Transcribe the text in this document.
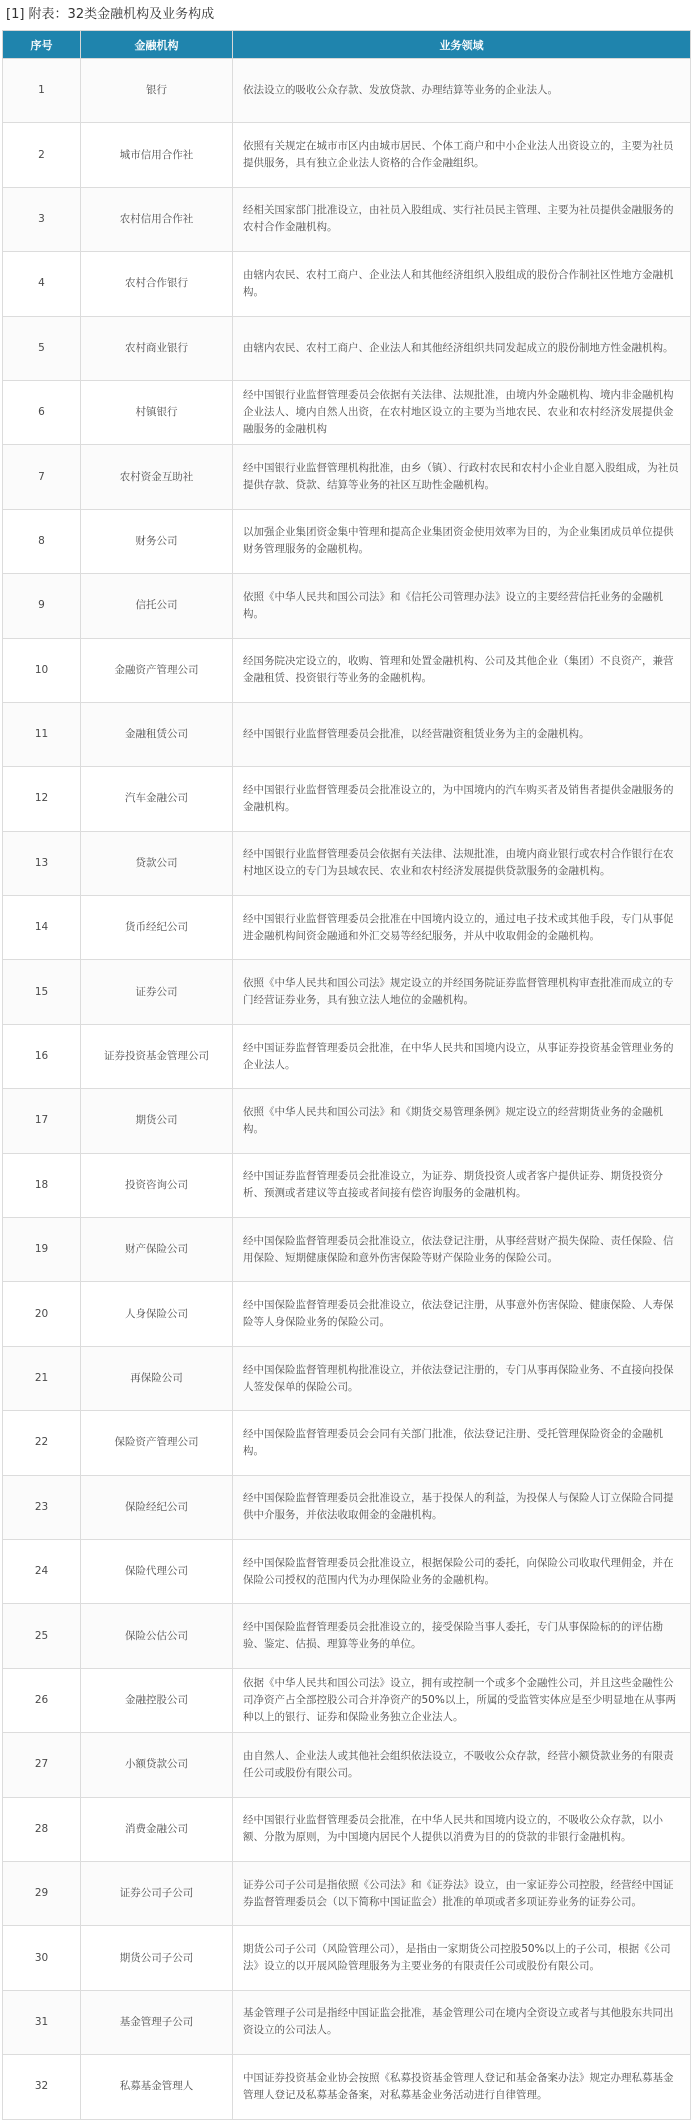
[1] 附表：32类金融机构及业务构成
序号	金融机构	业务领域
1	银行	依法设立的吸收公众存款、发放贷款、办理结算等业务的企业法人。
2	城市信用合作社	依照有关规定在城市市区内由城市居民、个体工商户和中小企业法人出资设立的，主要为社员提供服务，具有独立企业法人资格的合作金融组织。
3	农村信用合作社	经相关国家部门批准设立，由社员入股组成、实行社员民主管理、主要为社员提供金融服务的农村合作金融机构。
4	农村合作银行	由辖内农民、农村工商户、企业法人和其他经济组织入股组成的股份合作制社区性地方金融机构。
5	农村商业银行	由辖内农民、农村工商户、企业法人和其他经济组织共同发起成立的股份制地方性金融机构。
6	村镇银行	经中国银行业监督管理委员会依据有关法律、法规批准，由境内外金融机构、境内非金融机构企业法人、境内自然人出资，在农村地区设立的主要为当地农民、农业和农村经济发展提供金融服务的金融机构
7	农村资金互助社	经中国银行业监督管理机构批准，由乡（镇）、行政村农民和农村小企业自愿入股组成，为社员提供存款、贷款、结算等业务的社区互助性金融机构。
8	财务公司	以加强企业集团资金集中管理和提高企业集团资金使用效率为目的，为企业集团成员单位提供财务管理服务的金融机构。
9	信托公司	依照《中华人民共和国公司法》和《信托公司管理办法》设立的主要经营信托业务的金融机构。
10	金融资产管理公司	经国务院决定设立的，收购、管理和处置金融机构、公司及其他企业（集团）不良资产，兼营金融租赁、投资银行等业务的金融机构。
11	金融租赁公司	经中国银行业监督管理委员会批准，以经营融资租赁业务为主的金融机构。
12	汽车金融公司	经中国银行业监督管理委员会批准设立的，为中国境内的汽车购买者及销售者提供金融服务的金融机构。
13	贷款公司	经中国银行业监督管理委员会依据有关法律、法规批准，由境内商业银行或农村合作银行在农村地区设立的专门为县域农民、农业和农村经济发展提供贷款服务的金融机构。
14	货币经纪公司	经中国银行业监督管理委员会批准在中国境内设立的，通过电子技术或其他手段，专门从事促进金融机构间资金融通和外汇交易等经纪服务，并从中收取佣金的金融机构。
15	证券公司	依照《中华人民共和国公司法》规定设立的并经国务院证券监督管理机构审查批准而成立的专门经营证券业务，具有独立法人地位的金融机构。
16	证券投资基金管理公司	经中国证券监督管理委员会批准，在中华人民共和国境内设立，从事证券投资基金管理业务的企业法人。
17	期货公司	依照《中华人民共和国公司法》和《期货交易管理条例》规定设立的经营期货业务的金融机构。
18	投资咨询公司	经中国证券监督管理委员会批准设立，为证券、期货投资人或者客户提供证券、期货投资分析、预测或者建议等直接或者间接有偿咨询服务的金融机构。
19	财产保险公司	经中国保险监督管理委员会批准设立，依法登记注册，从事经营财产损失保险、责任保险、信用保险、短期健康保险和意外伤害保险等财产保险业务的保险公司。
20	人身保险公司	经中国保险监督管理委员会批准设立，依法登记注册，从事意外伤害保险、健康保险、人寿保险等人身保险业务的保险公司。
21	再保险公司	经中国保险监督管理机构批准设立，并依法登记注册的，专门从事再保险业务、不直接向投保人签发保单的保险公司。
22	保险资产管理公司	经中国保险监督管理委员会会同有关部门批准，依法登记注册、受托管理保险资金的金融机构。
23	保险经纪公司	经中国保险监督管理委员会批准设立，基于投保人的利益，为投保人与保险人订立保险合同提供中介服务，并依法收取佣金的金融机构。
24	保险代理公司	经中国保险监督管理委员会批准设立，根据保险公司的委托，向保险公司收取代理佣金，并在保险公司授权的范围内代为办理保险业务的金融机构。
25	保险公估公司	经中国保险监督管理委员会批准设立的，接受保险当事人委托，专门从事保险标的的评估勘验、鉴定、估损、理算等业务的单位。
26	金融控股公司	依据《中华人民共和国公司法》设立，拥有或控制一个或多个金融性公司，并且这些金融性公司净资产占全部控股公司合并净资产的50%以上，所属的受监管实体应是至少明显地在从事两种以上的银行、证券和保险业务独立企业法人。
27	小额贷款公司	由自然人、企业法人或其他社会组织依法设立，不吸收公众存款，经营小额贷款业务的有限责任公司或股份有限公司。
28	消费金融公司	经中国银行业监督管理委员会批准，在中华人民共和国境内设立的，不吸收公众存款，以小额、分散为原则，为中国境内居民个人提供以消费为目的的贷款的非银行金融机构。
29	证券公司子公司	证券公司子公司是指依照《公司法》和《证券法》设立，由一家证券公司控股，经营经中国证券监督管理委员会（以下简称中国证监会）批准的单项或者多项证券业务的证券公司。
30	期货公司子公司	期货公司子公司（风险管理公司），是指由一家期货公司控股50%以上的子公司，根据《公司法》设立的以开展风险管理服务为主要业务的有限责任公司或股份有限公司。
31	基金管理子公司	基金管理子公司是指经中国证监会批准，基金管理公司在境内全资设立或者与其他股东共同出资设立的公司法人。
32	私募基金管理人	中国证券投资基金业协会按照《私募投资基金管理人登记和基金备案办法》规定办理私募基金管理人登记及私募基金备案，对私募基金业务活动进行自律管理。
